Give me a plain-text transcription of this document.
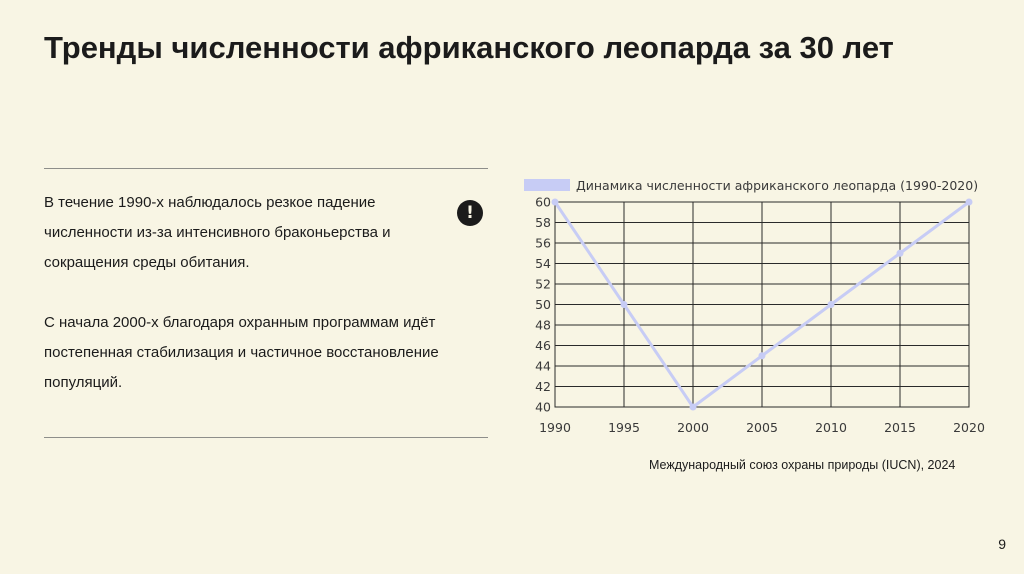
Тренды численности африканского леопарда за 30 лет

В течение 1990-х наблюдалось резкое падение численности из-за интенсивного браконьерства и сокращения среды обитания.

С начала 2000-х благодаря охранным программам идёт постепенная стабилизация и частичное восстановление популяций.

!
40
42
44
46
48
50
52
54
56
58
60
1990	1995	2000	2005	2010	2015	2020
Динамика численности африканского леопарда (1990-2020)
Международный союз охраны природы (IUCN), 2024
9
